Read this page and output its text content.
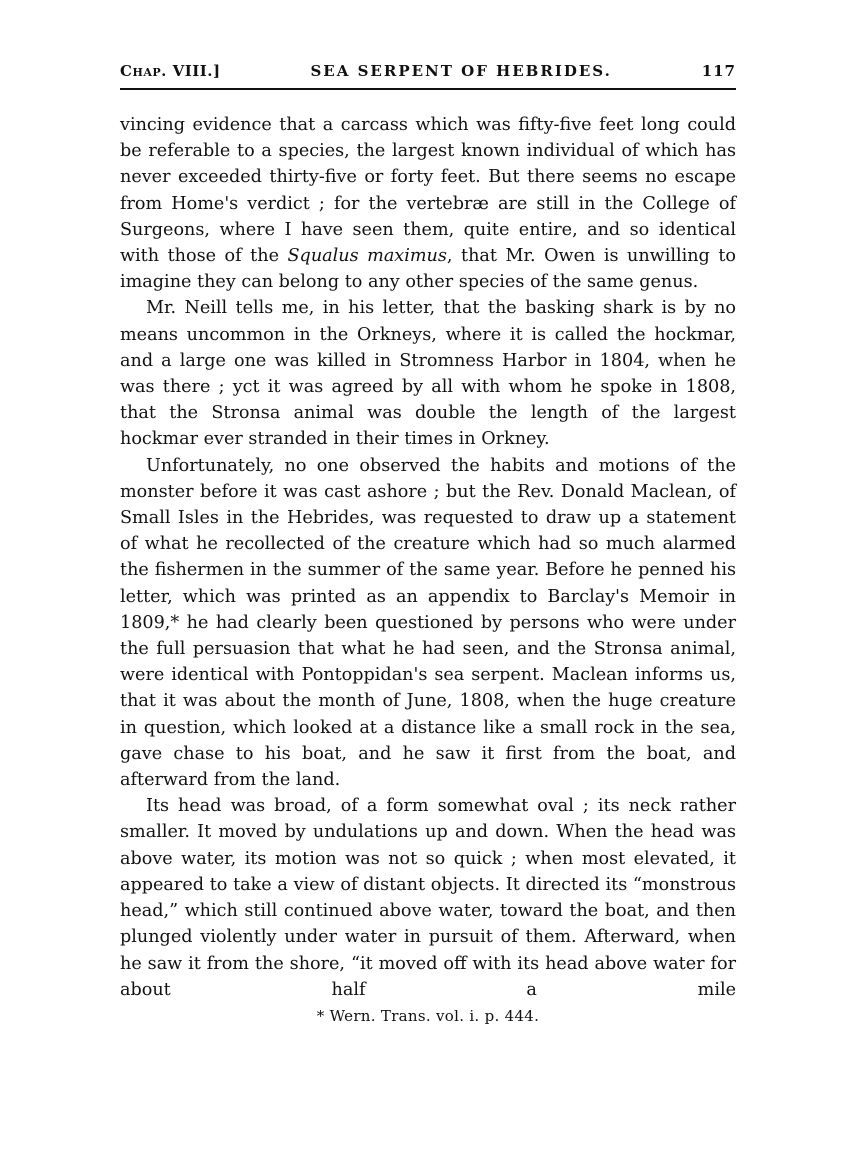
Chap. VIII.]	SEA SERPENT OF HEBRIDES.	117

vincing evidence that a carcass which was fifty-five feet long could be referable to a species, the largest known individual of which has never exceeded thirty-five or forty feet. But there seems no escape from Home's verdict ; for the vertebræ are still in the College of Surgeons, where I have seen them, quite entire, and so identical with those of the Squalus maximus, that Mr. Owen is unwilling to imagine they can belong to any other species of the same genus.

Mr. Neill tells me, in his letter, that the basking shark is by no means uncommon in the Orkneys, where it is called the hockmar, and a large one was killed in Stromness Harbor in 1804, when he was there ; yct it was agreed by all with whom he spoke in 1808, that the Stronsa animal was double the length of the largest hockmar ever stranded in their times in Orkney.

Unfortunately, no one observed the habits and motions of the monster before it was cast ashore ; but the Rev. Donald Maclean, of Small Isles in the Hebrides, was requested to draw up a statement of what he recollected of the creature which had so much alarmed the fishermen in the summer of the same year. Before he penned his letter, which was printed as an appendix to Barclay's Memoir in 1809,* he had clearly been questioned by persons who were under the full persuasion that what he had seen, and the Stronsa animal, were identical with Pontoppidan's sea serpent. Maclean informs us, that it was about the month of June, 1808, when the huge creature in question, which looked at a distance like a small rock in the sea, gave chase to his boat, and he saw it first from the boat, and afterward from the land.

Its head was broad, of a form somewhat oval ; its neck rather smaller. It moved by undulations up and down. When the head was above water, its motion was not so quick ; when most elevated, it appeared to take a view of distant objects. It directed its “monstrous head,” which still continued above water, toward the boat, and then plunged violently under water in pursuit of them. Afterward, when he saw it from the shore, “it moved off with its head above water for about half a mile

* Wern. Trans. vol. i. p. 444.
